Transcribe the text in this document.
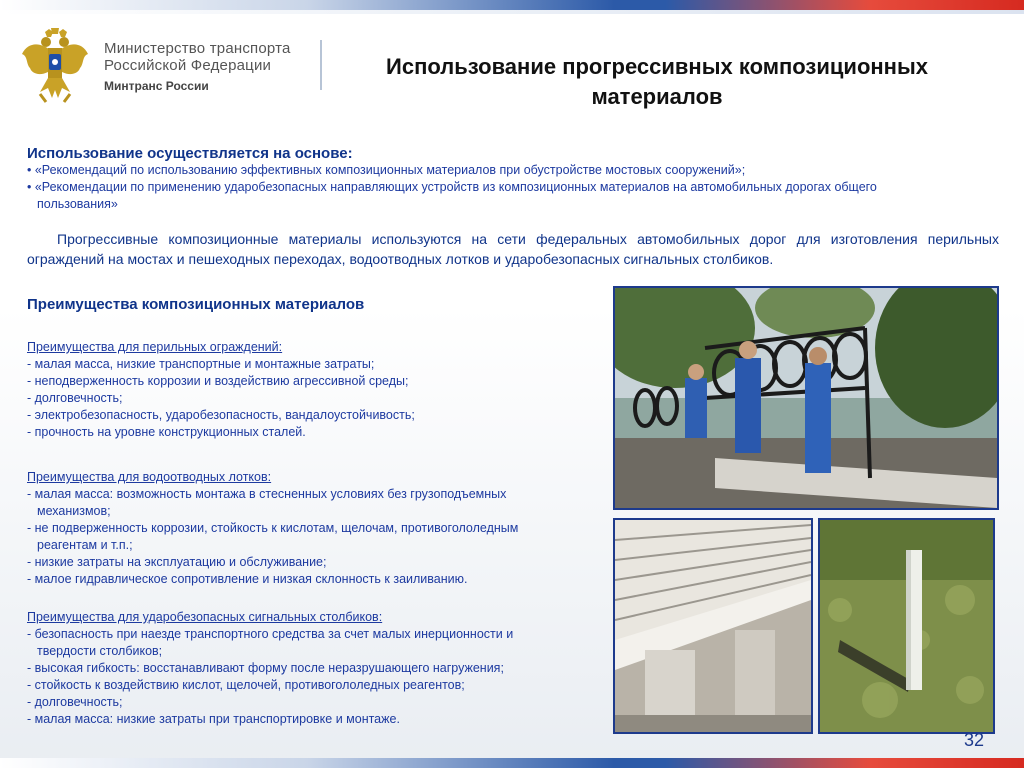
Министерство транспорта
Российской Федерации
Минтранс России
Использование прогрессивных композиционных материалов
Использование осуществляется на основе:
• «Рекомендаций по использованию эффективных композиционных материалов при обустройстве мостовых сооружений»;
• «Рекомендации по применению ударобезопасных направляющих устройств из композиционных материалов на автомобильных дорогах общего
пользования»
Прогрессивные композиционные материалы используются на сети федеральных автомобильных дорог для изготовления перильных ограждений на мостах и пешеходных переходах, водоотводных лотков и ударобезопасных сигнальных столбиков.
Преимущества композиционных материалов
Преимущества для перильных ограждений:
- малая масса, низкие транспортные и монтажные затраты;
- неподверженность коррозии и воздействию агрессивной среды;
- долговечность;
- электробезопасность, ударобезопасность, вандалоустойчивость;
- прочность на уровне конструкционных сталей.
Преимущества для водоотводных лотков:
- малая масса: возможность монтажа в стесненных условиях без грузоподъемных
механизмов;
- не подверженность коррозии, стойкость к кислотам, щелочам, противогололедным
реагентам и т.п.;
- низкие затраты на эксплуатацию и обслуживание;
- малое гидравлическое сопротивление и низкая склонность к заиливанию.
Преимущества для ударобезопасных сигнальных столбиков:
- безопасность при наезде транспортного средства за счет малых инерционности и
твердости столбиков;
- высокая гибкость: восстанавливают форму после неразрушающего нагружения;
- стойкость к воздействию кислот, щелочей, противогололедных реагентов;
- долговечность;
- малая масса: низкие затраты при транспортировке и монтаже.
32
